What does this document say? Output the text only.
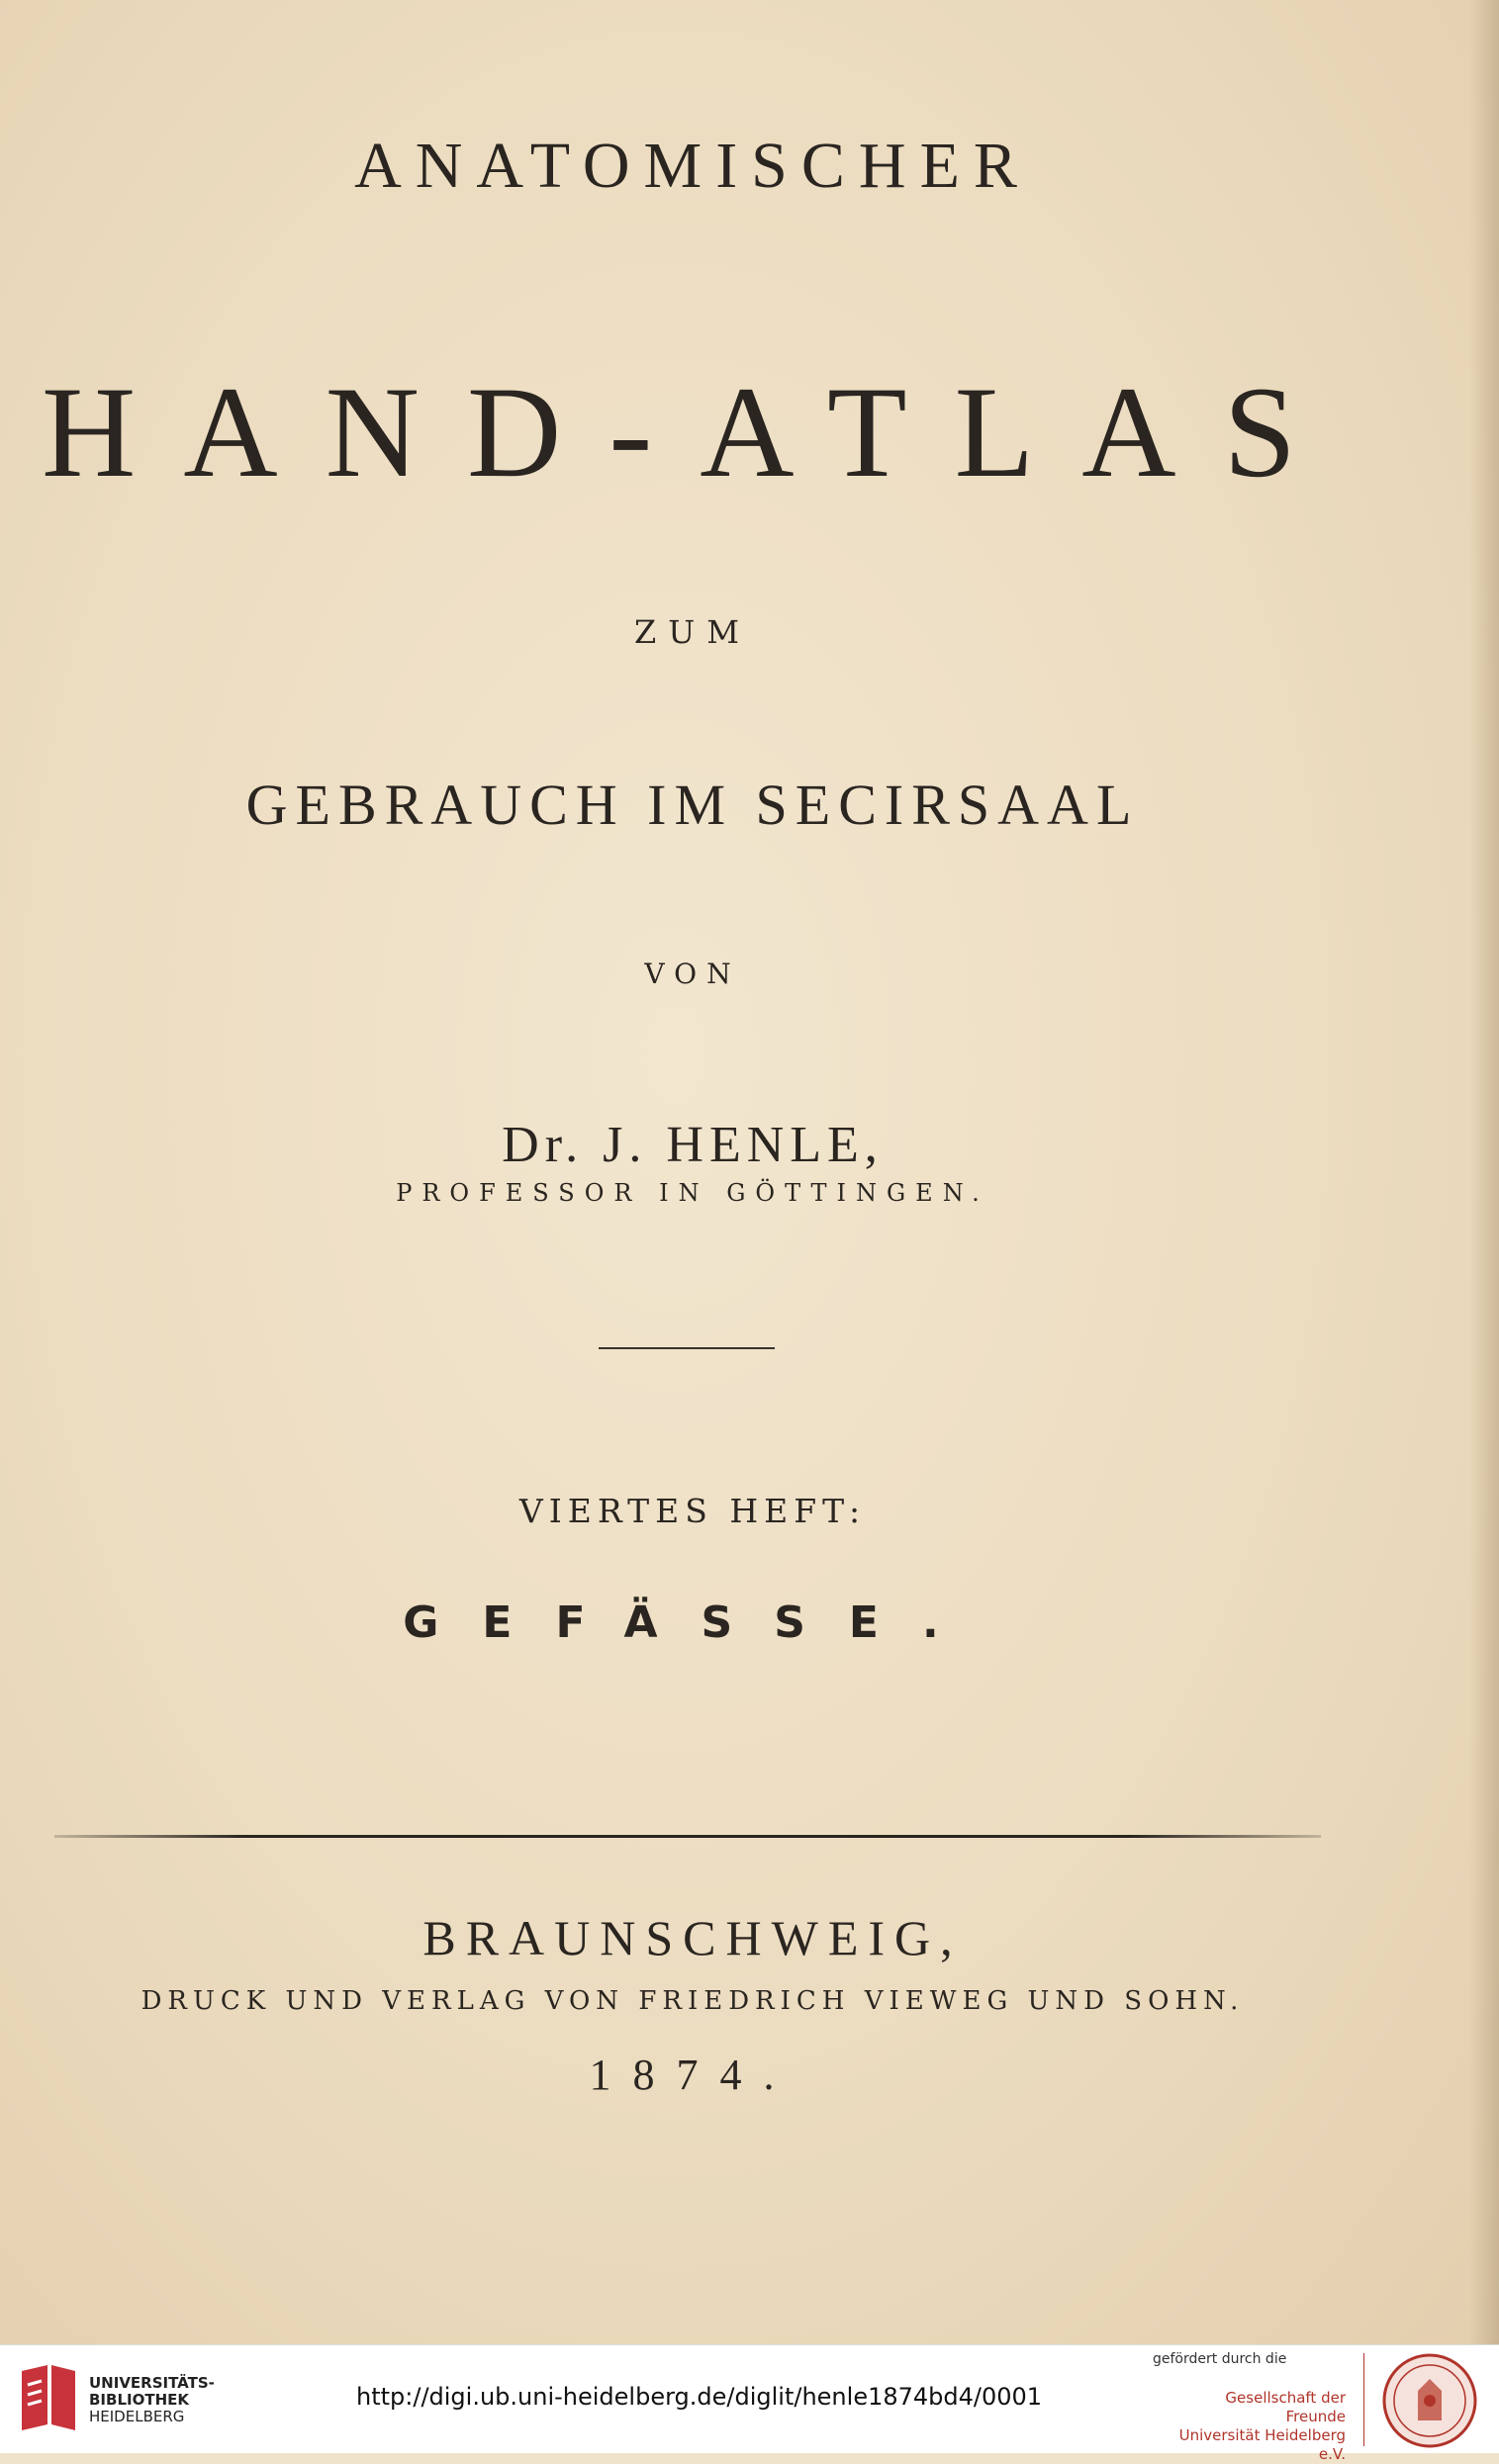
ANATOMISCHER
HAND-ATLAS
ZUM
GEBRAUCH IM SECIRSAAL
VON
Dr. J. HENLE,
PROFESSOR IN GÖTTINGEN.
VIERTES HEFT:
GEFÄSSE.
BRAUNSCHWEIG,
DRUCK UND VERLAG VON FRIEDRICH VIEWEG UND SOHN.
1874.
UNIVERSITÄTS-
BIBLIOTHEK
HEIDELBERG
http://digi.ub.uni-heidelberg.de/diglit/henle1874bd4/0001
gefördert durch die
Gesellschaft der Freunde
Universität Heidelberg e.V.
